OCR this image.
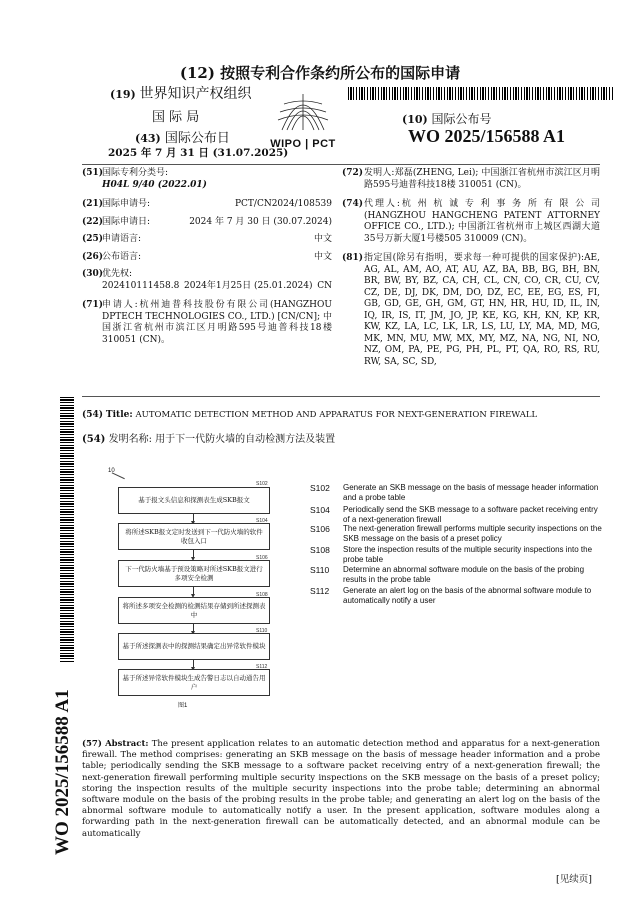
(12) 按照专利合作条约所公布的国际申请
(19) 世界知识产权组织
国 际 局
(43) 国际公布日
2025 年 7 月 31 日 (31.07.2025)
WIPO | PCT
(10) 国际公布号
WO 2025/156588 A1
(51)
国际专利分类号:
H04L 9/40 (2022.01)
(21)
国际申请号:	PCT/CN2024/108539
(22)
国际申请日:	2024 年 7 月 30 日 (30.07.2024)
(25)
申请语言:	中文
(26)
公布语言:	中文
(30)
优先权:
202410111458.8 2024年1月25日 (25.01.2024) CN
(71)
申请人:杭州迪普科技股份有限公司(HANGZHOU DPTECH TECHNOLOGIES CO., LTD.) [CN/CN]; 中国浙江省杭州市滨江区月明路595号迪普科技18楼 310051 (CN)。
(72) 发明人:郑磊(ZHENG, Lei); 中国浙江省杭州市滨江区月明路595号迪普科技18楼 310051 (CN)。
(74) 代理人:杭 州 杭 诚 专 利 事 务 所 有 限 公 司 (HANGZHOU HANGCHENG PATENT ATTORNEY OFFICE CO., LTD.); 中国浙江省杭州市上城区西湖大道35号万新大厦1号楼505 310009 (CN)。
(81) 指定国(除另有指明，要求每一种可提供的国家保护):AE, AG, AL, AM, AO, AT, AU, AZ, BA, BB, BG, BH, BN, BR, BW, BY, BZ, CA, CH, CL, CN, CO, CR, CU, CV, CZ, DE, DJ, DK, DM, DO, DZ, EC, EE, EG, ES, FI, GB, GD, GE, GH, GM, GT, HN, HR, HU, ID, IL, IN, IQ, IR, IS, IT, JM, JO, JP, KE, KG, KH, KN, KP, KR, KW, KZ, LA, LC, LK, LR, LS, LU, LY, MA, MD, MG, MK, MN, MU, MW, MX, MY, MZ, NA, NG, NI, NO, NZ, OM, PA, PE, PG, PH, PL, PT, QA, RO, RS, RU, RW, SA, SC, SD,
(54) Title: AUTOMATIC DETECTION METHOD AND APPARATUS FOR NEXT-GENERATION FIREWALL
(54) 发明名称: 用于下一代防火墙的自动检测方法及装置
10
基于报文头信息和探测表生成SKB报文
S102
将所述SKB报文定时发送到下一代防火墙的软件收包入口
S104
下一代防火墙基于预设策略对所述SKB报文进行多项安全检测
S106
将所述多项安全检测的检测结果存储到所述探测表中
S108
基于所述探测表中的探测结果确定出异常软件模块
S110
基于所述异常软件模块生成告警日志以自动通告用户
S112
图1
S102	Generate an SKB message on the basis of message header information and a probe table
S104	Periodically send the SKB message to a software packet receiving entry of a next-generation firewall
S106	The next-generation firewall performs multiple security inspections on the SKB message on the basis of a preset policy
S108	Store the inspection results of the multiple security inspections into the probe table
S110	Determine an abnormal software module on the basis of the probing results in the probe table
S112	Generate an alert log on the basis of the abnormal software module to automatically notify a user
WO 2025/156588 A1 (57) Abstract: The present application relates to an automatic detection method and apparatus for a next-generation firewall. The method comprises: generating an SKB message on the basis of message header information and a probe table; periodically sending the SKB message to a software packet receiving entry of a next-generation firewall; the next-generation firewall performing multiple security inspections on the SKB message on the basis of a preset policy; storing the inspection results of the multiple security inspections into the probe table; determining an abnormal software module on the basis of the probing results in the probe table; and generating an alert log on the basis of the abnormal software module to automatically notify a user. In the present application, software modules along a forwarding path in the next-generation firewall can be automatically detected, and an abnormal module can be automatically
[见续页]
